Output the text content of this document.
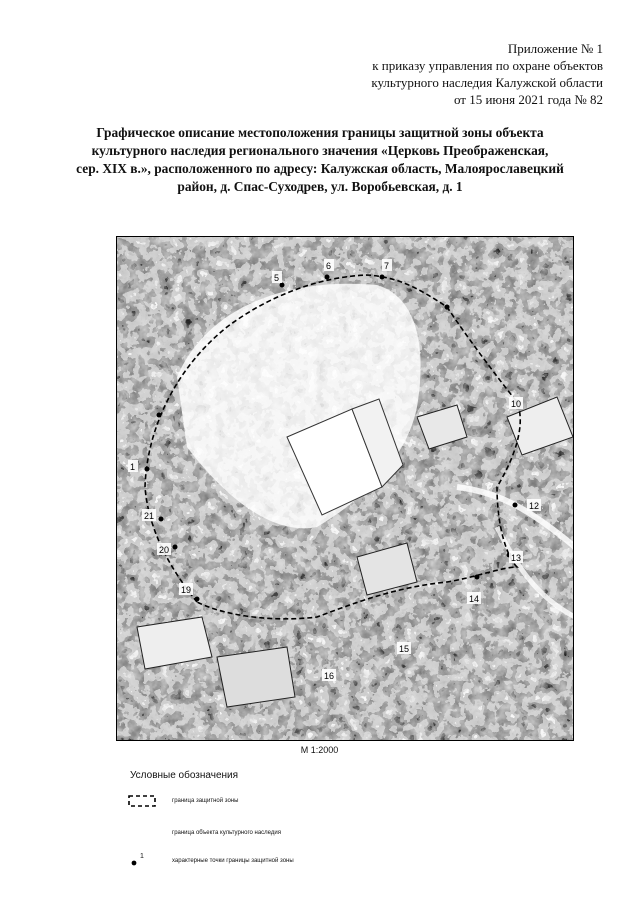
Приложение № 1
к приказу управления по охране объектов
культурного наследия Калужской области
от 15 июня 2021 года № 82
Графическое описание местоположения границы защитной зоны объекта
культурного наследия регионального значения «Церковь Преображенская,
сер. XIX в.», расположенного по адресу: Калужская область, Малоярославецкий
район, д. Спас-Суходрев, ул. Воробьевская, д. 1
1
5
6	7
10
12
13
14
15
16
19
20
21
М 1:2000
Условные обозначения
граница защитной зоны
граница объекта культурного наследия
1
характерные точки границы защитной зоны
